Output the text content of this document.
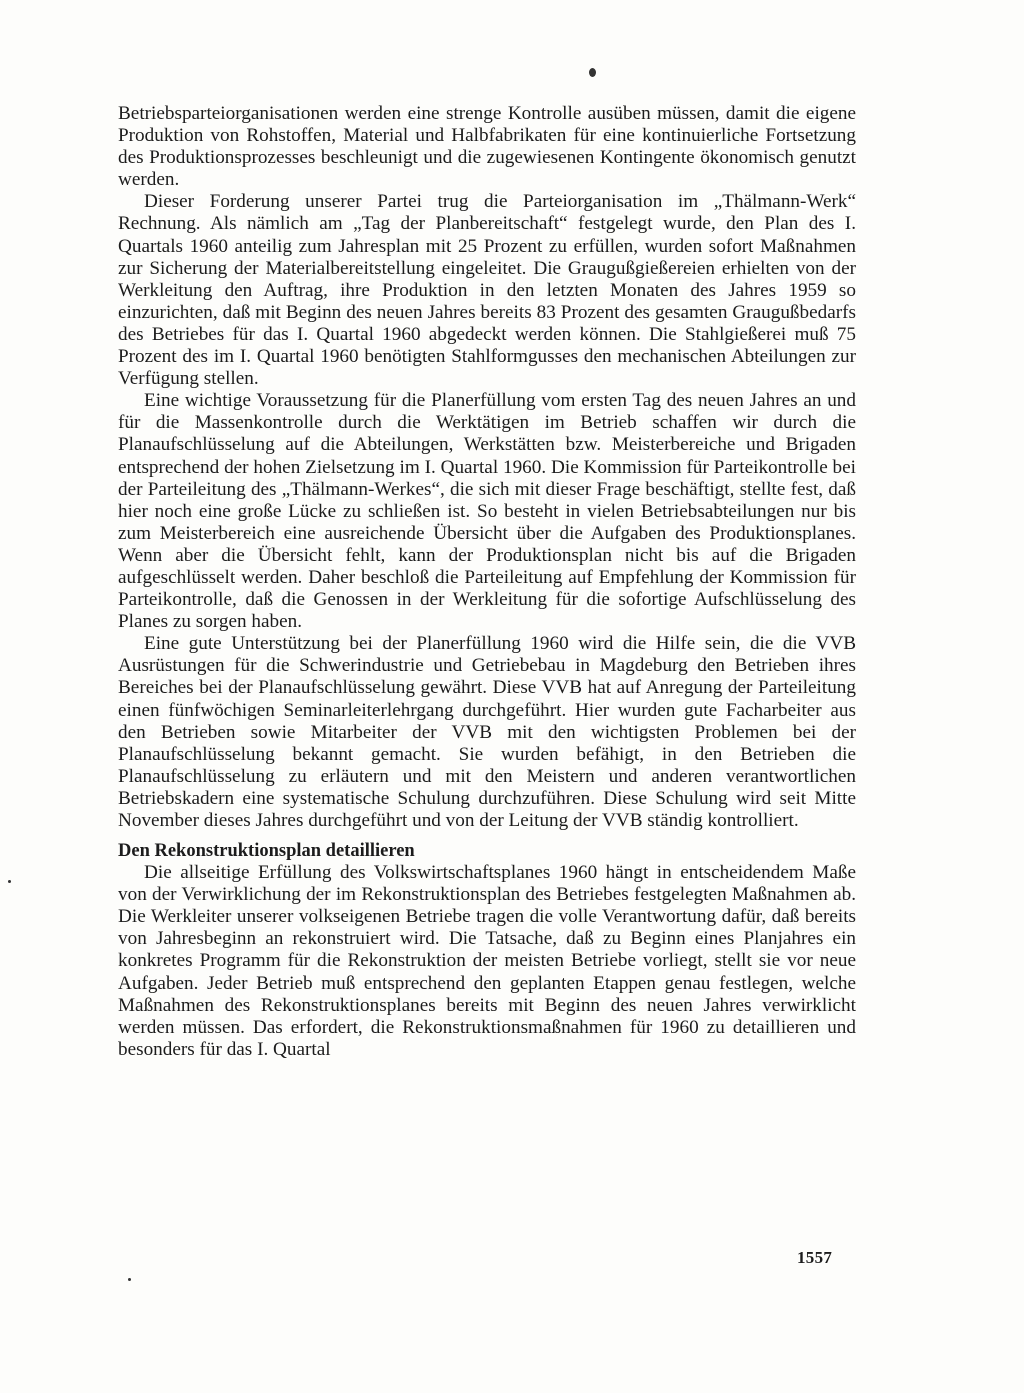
Betriebsparteiorganisationen werden eine strenge Kontrolle ausüben müssen, damit die eigene Produktion von Rohstoffen, Material und Halbfabrikaten für eine kontinuierliche Fortsetzung des Produktionsprozesses beschleunigt und die zugewiesenen Kontingente ökonomisch genutzt werden.

Dieser Forderung unserer Partei trug die Parteiorganisation im „Thälmann-Werk“ Rechnung. Als nämlich am „Tag der Planbereitschaft“ festgelegt wurde, den Plan des I. Quartals 1960 anteilig zum Jahresplan mit 25 Prozent zu erfüllen, wurden sofort Maßnahmen zur Sicherung der Materialbereitstellung eingeleitet. Die Graugußgießereien erhielten von der Werkleitung den Auftrag, ihre Produktion in den letzten Monaten des Jahres 1959 so einzurichten, daß mit Beginn des neuen Jahres bereits 83 Prozent des gesamten Graugußbedarfs des Betriebes für das I. Quartal 1960 abgedeckt werden können. Die Stahlgießerei muß 75 Prozent des im I. Quartal 1960 benötigten Stahlformgusses den mechanischen Abteilungen zur Verfügung stellen.

Eine wichtige Voraussetzung für die Planerfüllung vom ersten Tag des neuen Jahres an und für die Massenkontrolle durch die Werktätigen im Betrieb schaffen wir durch die Planaufschlüsselung auf die Abteilungen, Werkstätten bzw. Meisterbereiche und Brigaden entsprechend der hohen Zielsetzung im I. Quartal 1960. Die Kommission für Parteikontrolle bei der Parteileitung des „Thälmann-Werkes“, die sich mit dieser Frage beschäftigt, stellte fest, daß hier noch eine große Lücke zu schließen ist. So besteht in vielen Betriebsabteilungen nur bis zum Meisterbereich eine ausreichende Übersicht über die Aufgaben des Produktionsplanes. Wenn aber die Übersicht fehlt, kann der Produktionsplan nicht bis auf die Brigaden aufgeschlüsselt werden. Daher beschloß die Parteileitung auf Empfehlung der Kommission für Parteikontrolle, daß die Genossen in der Werkleitung für die sofortige Aufschlüsselung des Planes zu sorgen haben.

Eine gute Unterstützung bei der Planerfüllung 1960 wird die Hilfe sein, die die VVB Ausrüstungen für die Schwerindustrie und Getriebebau in Magdeburg den Betrieben ihres Bereiches bei der Planaufschlüsselung gewährt. Diese VVB hat auf Anregung der Parteileitung einen fünfwöchigen Seminarleiterlehrgang durchgeführt. Hier wurden gute Facharbeiter aus den Betrieben sowie Mitarbeiter der VVB mit den wichtigsten Problemen bei der Planaufschlüsselung bekannt gemacht. Sie wurden befähigt, in den Betrieben die Planaufschlüsselung zu erläutern und mit den Meistern und anderen verantwortlichen Betriebskadern eine systematische Schulung durchzuführen. Diese Schulung wird seit Mitte November dieses Jahres durchgeführt und von der Leitung der VVB ständig kontrolliert.

Den Rekonstruktionsplan detaillieren

Die allseitige Erfüllung des Volkswirtschaftsplanes 1960 hängt in entscheidendem Maße von der Verwirklichung der im Rekonstruktionsplan des Betriebes festgelegten Maßnahmen ab. Die Werkleiter unserer volkseigenen Betriebe tragen die volle Verantwortung dafür, daß bereits von Jahresbeginn an rekonstruiert wird. Die Tatsache, daß zu Beginn eines Planjahres ein konkretes Programm für die Rekonstruktion der meisten Betriebe vorliegt, stellt sie vor neue Aufgaben. Jeder Betrieb muß entsprechend den geplanten Etappen genau festlegen, welche Maßnahmen des Rekonstruktionsplanes bereits mit Beginn des neuen Jahres verwirklicht werden müssen. Das erfordert, die Rekonstruktionsmaßnahmen für 1960 zu detaillieren und besonders für das I. Quartal

1557
